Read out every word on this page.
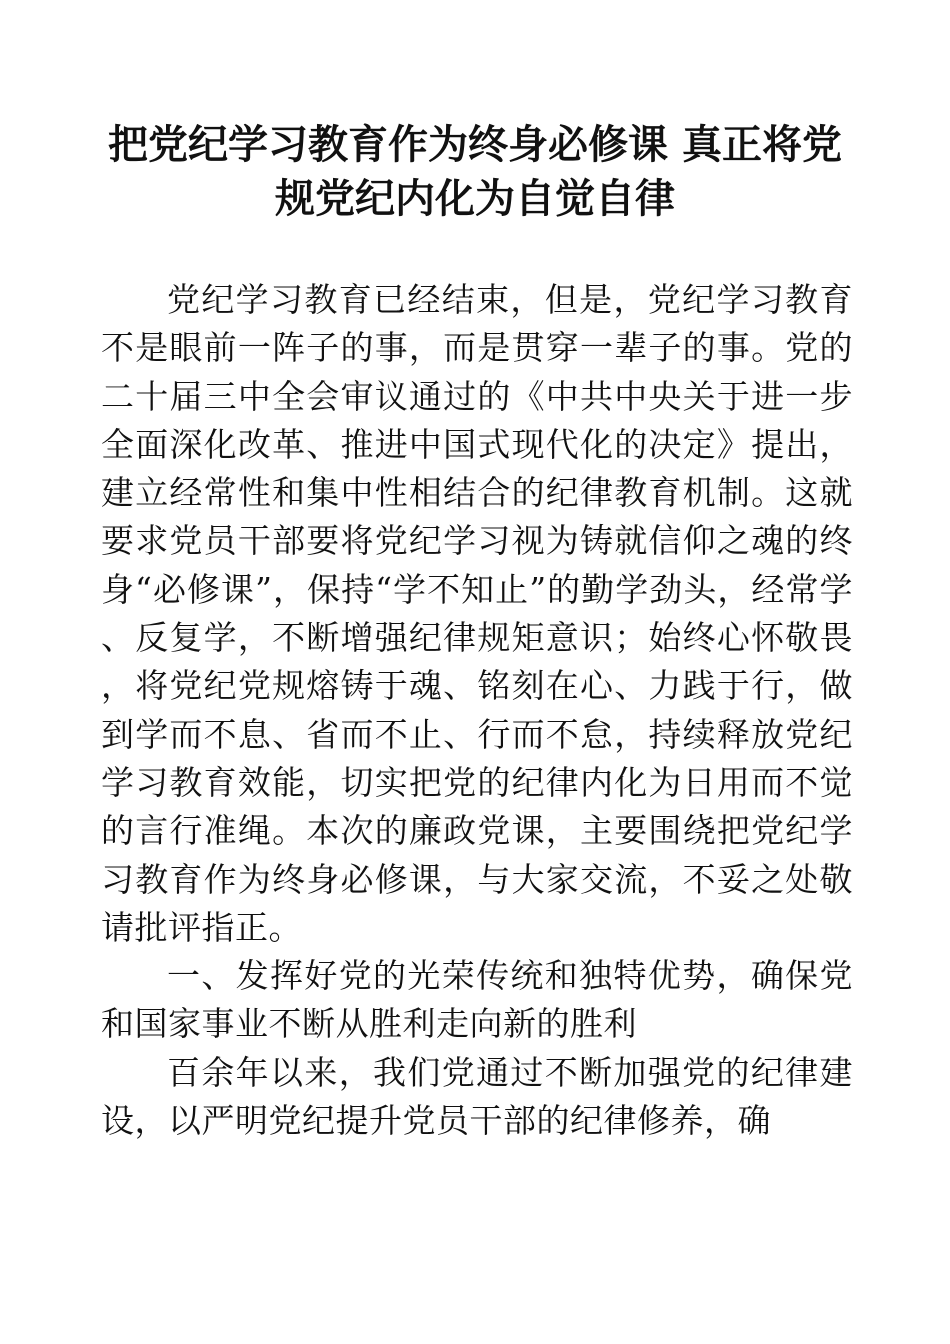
把党纪学习教育作为终身必修课 真正将党规党纪内化为自觉自律

党纪学习教育已经结束，但是，党纪学习教育不是眼前一阵子的事，而是贯穿一辈子的事。党的二十届三中全会审议通过的《中共中央关于进一步全面深化改革、推进中国式现代化的决定》提出，建立经常性和集中性相结合的纪律教育机制。这就要求党员干部要将党纪学习视为铸就信仰之魂的终身“必修课”，保持“学不知止”的勤学劲头，经常学、反复学，不断增强纪律规矩意识；始终心怀敬畏，将党纪党规熔铸于魂、铭刻在心、力践于行，做到学而不息、省而不止、行而不怠，持续释放党纪学习教育效能，切实把党的纪律内化为日用而不觉的言行准绳。本次的廉政党课，主要围绕把党纪学习教育作为终身必修课，与大家交流，不妥之处敬请批评指正。

一、发挥好党的光荣传统和独特优势，确保党和国家事业不断从胜利走向新的胜利

百余年以来，我们党通过不断加强党的纪律建设，以严明党纪提升党员干部的纪律修养，确
